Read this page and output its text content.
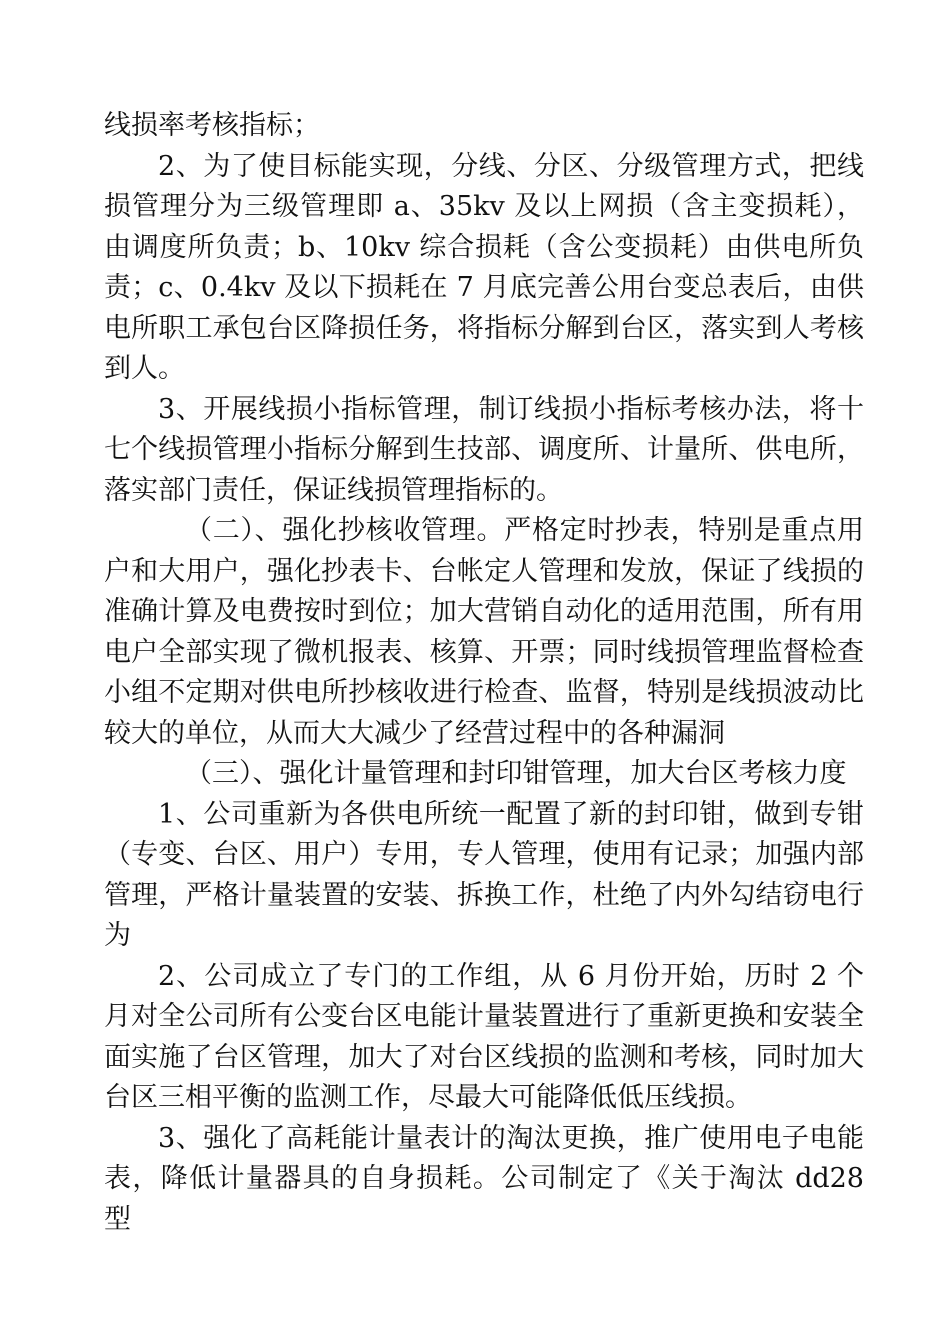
线损率考核指标；

2、为了使目标能实现，分线、分区、分级管理方式，把线损管理分为三级管理即 a、35kv 及以上网损（含主变损耗），由调度所负责；b、10kv 综合损耗（含公变损耗）由供电所负责；c、0.4kv 及以下损耗在 7 月底完善公用台变总表后，由供电所职工承包台区降损任务，将指标分解到台区，落实到人考核到人。

3、开展线损小指标管理，制订线损小指标考核办法，将十七个线损管理小指标分解到生技部、调度所、计量所、供电所，落实部门责任，保证线损管理指标的。

（二）、强化抄核收管理。严格定时抄表，特别是重点用户和大用户，强化抄表卡、台帐定人管理和发放，保证了线损的准确计算及电费按时到位；加大营销自动化的适用范围，所有用电户全部实现了微机报表、核算、开票；同时线损管理监督检查小组不定期对供电所抄核收进行检查、监督，特别是线损波动比较大的单位，从而大大减少了经营过程中的各种漏洞

（三）、强化计量管理和封印钳管理，加大台区考核力度

1、公司重新为各供电所统一配置了新的封印钳，做到专钳（专变、台区、用户）专用，专人管理，使用有记录；加强内部管理，严格计量装置的安装、拆换工作，杜绝了内外勾结窃电行为

2、公司成立了专门的工作组，从 6 月份开始，历时 2 个月对全公司所有公变台区电能计量装置进行了重新更换和安装全面实施了台区管理，加大了对台区线损的监测和考核，同时加大台区三相平衡的监测工作，尽最大可能降低低压线损。

3、强化了高耗能计量表计的淘汰更换，推广使用电子电能表，降低计量器具的自身损耗。公司制定了《关于淘汰 dd28 型
